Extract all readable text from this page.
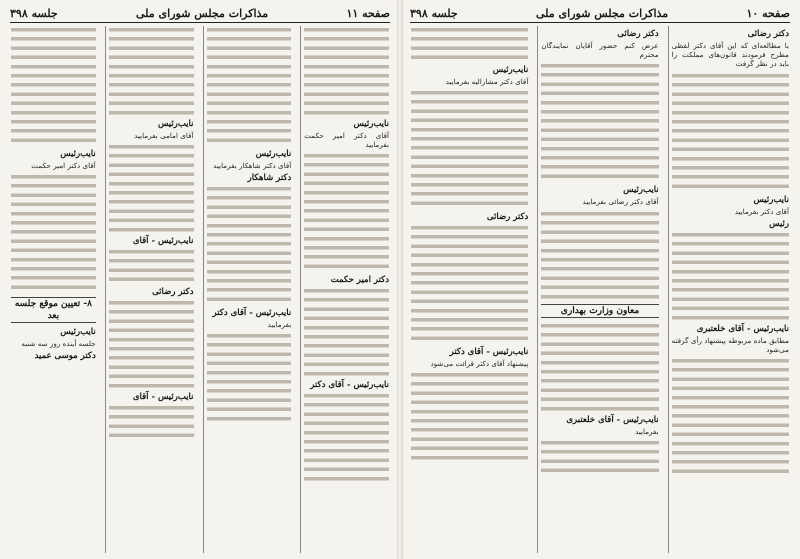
صفحه ۱۰
مذاکرات مجلس شورای ملی
جلسه ۳۹۸
دکتر رضائی

با مطالعه‌ای که این آقای دکتر لفظی مطرح فرمودند قانون‌های مملکت را باید در نظر گرفت

نایب‌رئیس

آقای دکتر بفرمایید

رئیس
نایب‌رئیس - آقای خلعتبری

مطابق ماده مربوطه پیشنهاد رأی گرفته می‌شود

دکتر رضائی

عرض کنم حضور آقایان نمایندگان محترم

نایب‌رئیس

آقای دکتر رضائی بفرمایید

معاون وزارت بهداری
نایب‌رئیس - آقای خلعتبری

بفرمایید

نایب‌رئیس

آقای دکتر مشارالیه بفرمایید

دکتر رضائی
نایب‌رئیس - آقای دکتر

پیشنهاد آقای دکتر قرائت می‌شود

صفحه ۱۱
مذاکرات مجلس شورای ملی
جلسه ۳۹۸
نایب‌رئیس

آقای دکتر امیر حکمت بفرمایید

دکتر امیر حکمت
نایب‌رئیس - آقای دکتر
نایب‌رئیس

آقای دکتر شاهکار بفرمایید

دکتر شاهکار
نایب‌رئیس - آقای دکتر

بفرمایید

نایب‌رئیس

آقای امامی بفرمایید

نایب‌رئیس - آقای
دکتر رضائی
نایب‌رئیس - آقای
نایب‌رئیس

آقای دکتر امیر حکمت

۸- تعیین موقع جلسه بعد
نایب‌رئیس

جلسه آینده روز سه شنبه

دکتر موسی عمید
